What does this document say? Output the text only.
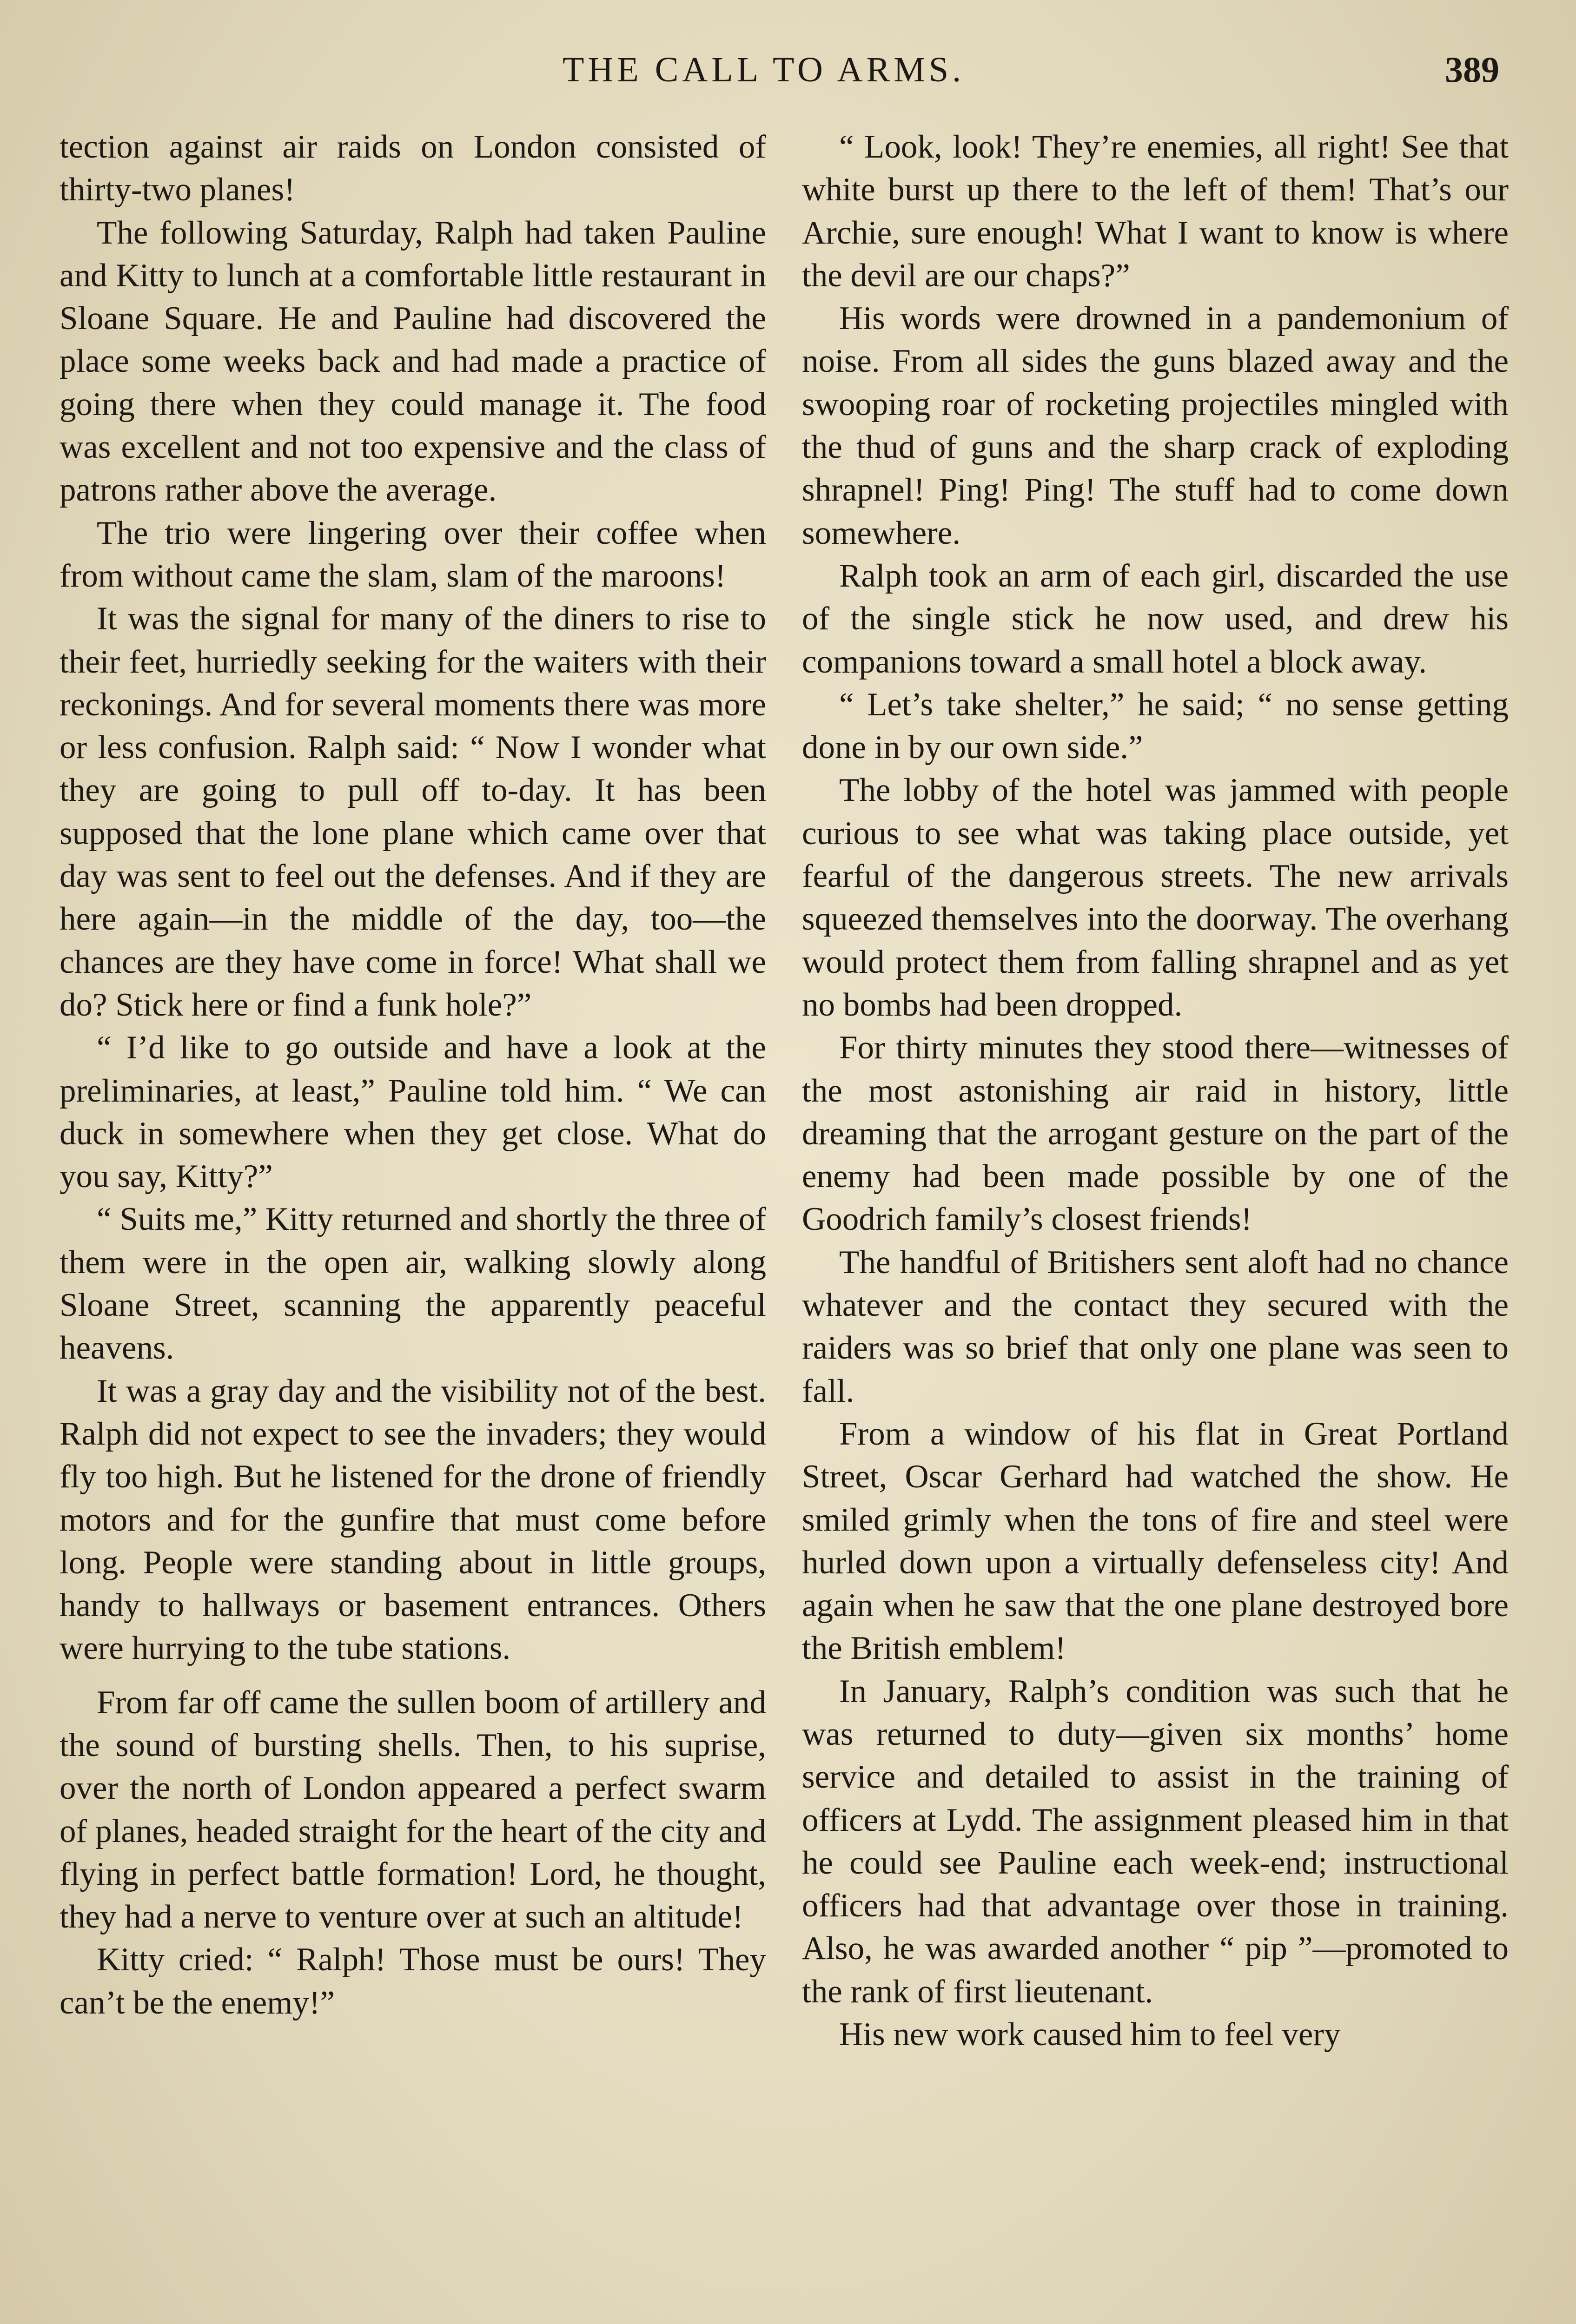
THE CALL TO ARMS.	389

tection against air raids on London consisted of thirty-two planes!

The following Saturday, Ralph had taken Pauline and Kitty to lunch at a comfortable little restaurant in Sloane Square. He and Pauline had discovered the place some weeks back and had made a practice of going there when they could manage it. The food was excellent and not too expensive and the class of patrons rather above the average.

The trio were lingering over their coffee when from without came the slam, slam of the maroons!

It was the signal for many of the diners to rise to their feet, hurriedly seeking for the waiters with their reckonings. And for several moments there was more or less confusion. Ralph said: “ Now I wonder what they are going to pull off to-day. It has been supposed that the lone plane which came over that day was sent to feel out the defenses. And if they are here again—in the middle of the day, too—the chances are they have come in force! What shall we do? Stick here or find a funk hole?”

“ I’d like to go outside and have a look at the preliminaries, at least,” Pauline told him. “ We can duck in somewhere when they get close. What do you say, Kitty?”

“ Suits me,” Kitty returned and shortly the three of them were in the open air, walking slowly along Sloane Street, scanning the apparently peaceful heavens.

It was a gray day and the visibility not of the best. Ralph did not expect to see the invaders; they would fly too high. But he listened for the drone of friendly motors and for the gunfire that must come before long. People were standing about in little groups, handy to hallways or basement entrances. Others were hurrying to the tube stations.

From far off came the sullen boom of artillery and the sound of bursting shells. Then, to his suprise, over the north of London appeared a perfect swarm of planes, headed straight for the heart of the city and flying in perfect battle formation! Lord, he thought, they had a nerve to venture over at such an altitude!

Kitty cried: “ Ralph! Those must be ours! They can’t be the enemy!”

“ Look, look! They’re enemies, all right! See that white burst up there to the left of them! That’s our Archie, sure enough! What I want to know is where the devil are our chaps?”

His words were drowned in a pandemonium of noise. From all sides the guns blazed away and the swooping roar of rocketing projectiles mingled with the thud of guns and the sharp crack of exploding shrapnel! Ping! Ping! The stuff had to come down somewhere.

Ralph took an arm of each girl, discarded the use of the single stick he now used, and drew his companions toward a small hotel a block away.

“ Let’s take shelter,” he said; “ no sense getting done in by our own side.”

The lobby of the hotel was jammed with people curious to see what was taking place outside, yet fearful of the dangerous streets. The new arrivals squeezed themselves into the doorway. The overhang would protect them from falling shrapnel and as yet no bombs had been dropped.

For thirty minutes they stood there—witnesses of the most astonishing air raid in history, little dreaming that the arrogant gesture on the part of the enemy had been made possible by one of the Goodrich family’s closest friends!

The handful of Britishers sent aloft had no chance whatever and the contact they secured with the raiders was so brief that only one plane was seen to fall.

From a window of his flat in Great Portland Street, Oscar Gerhard had watched the show. He smiled grimly when the tons of fire and steel were hurled down upon a virtually defenseless city! And again when he saw that the one plane destroyed bore the British emblem!

In January, Ralph’s condition was such that he was returned to duty—given six months’ home service and detailed to assist in the training of officers at Lydd. The assignment pleased him in that he could see Pauline each week-end; instructional officers had that advantage over those in training. Also, he was awarded another “ pip ”—promoted to the rank of first lieutenant.

His new work caused him to feel very
